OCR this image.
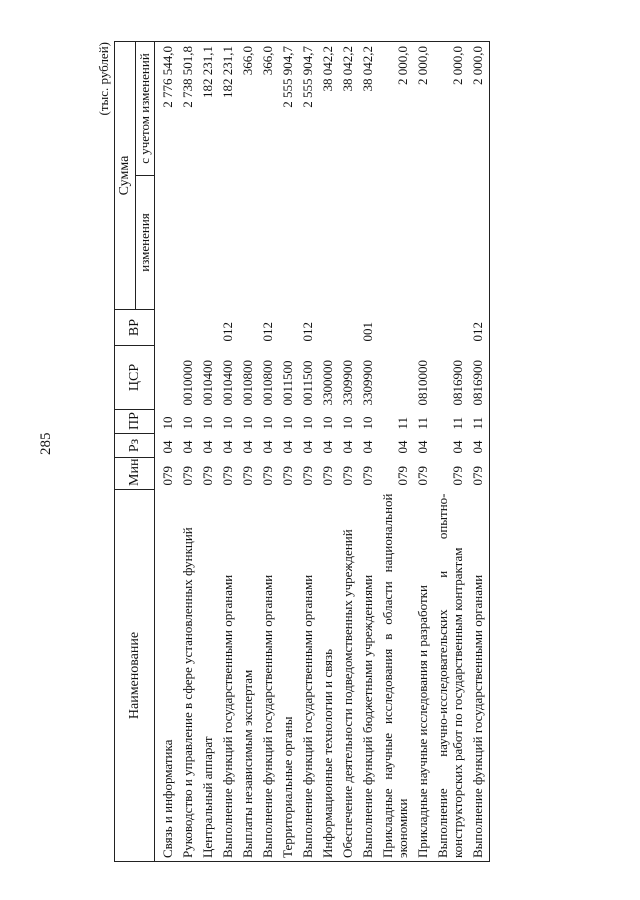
285
(тыс. рублей)
Наименование	Мин	Рз	ПР	ЦСР	ВР	Сумма	
						изменения	с учетом изменений
Связь и информатика	079	04	10				2 776 544,0
Руководство и управление в сфере установленных функций	079	04	10	0010000			2 738 501,8
Центральный аппарат	079	04	10	0010400			182 231,1
Выполнение функций государственными органами	079	04	10	0010400	012		182 231,1
Выплаты независимым экспертам	079	04	10	0010800			366,0
Выполнение функций государственными органами	079	04	10	0010800	012		366,0
Территориальные органы	079	04	10	0011500			2 555 904,7
Выполнение функций государственными органами	079	04	10	0011500	012		2 555 904,7
Информационные технологии и связь	079	04	10	3300000			38 042,2
Обеспечение деятельности подведомственных учреждений	079	04	10	3309900			38 042,2
Выполнение функций бюджетными учреждениями	079	04	10	3309900	001		38 042,2
Прикладные научные исследования в области национальной экономики	079	04	11				2 000,0
Прикладные научные исследования и разработки	079	04	11	0810000			2 000,0
Выполнение научно-исследовательских и опытно-конструкторских работ по государственным контрактам	079	04	11	0816900			2 000,0
Выполнение функций государственными органами	079	04	11	0816900	012		2 000,0
